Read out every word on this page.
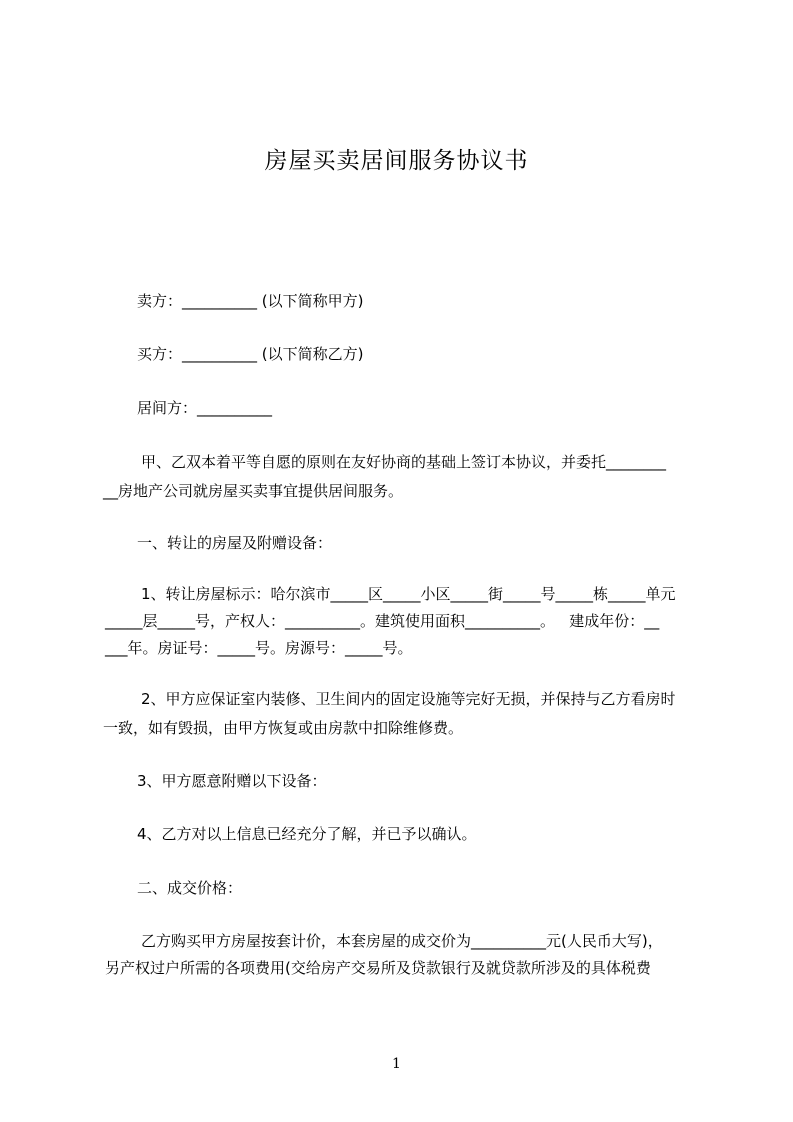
房屋买卖居间服务协议书
卖方：__________ (以下简称甲方)
买方：__________ (以下简称乙方)
居间方：__________
甲、乙双本着平等自愿的原则在友好协商的基础上签订本协议，并委托________
__房地产公司就房屋买卖事宜提供居间服务。
一、转让的房屋及附赠设备：
1、转让房屋标示：哈尔滨市_____区_____小区_____街_____号_____栋_____单元
_____层_____号，产权人：__________。建筑使用面积__________。   建成年份：__
___年。房证号：_____号。房源号：_____号。
2、甲方应保证室内装修、卫生间内的固定设施等完好无损，并保持与乙方看房时
一致，如有毁损，由甲方恢复或由房款中扣除维修费。
3、甲方愿意附赠以下设备：
4、乙方对以上信息已经充分了解，并已予以确认。
二、成交价格：
乙方购买甲方房屋按套计价，本套房屋的成交价为__________元(人民币大写)，
另产权过户所需的各项费用(交给房产交易所及贷款银行及就贷款所涉及的具体税费
1
